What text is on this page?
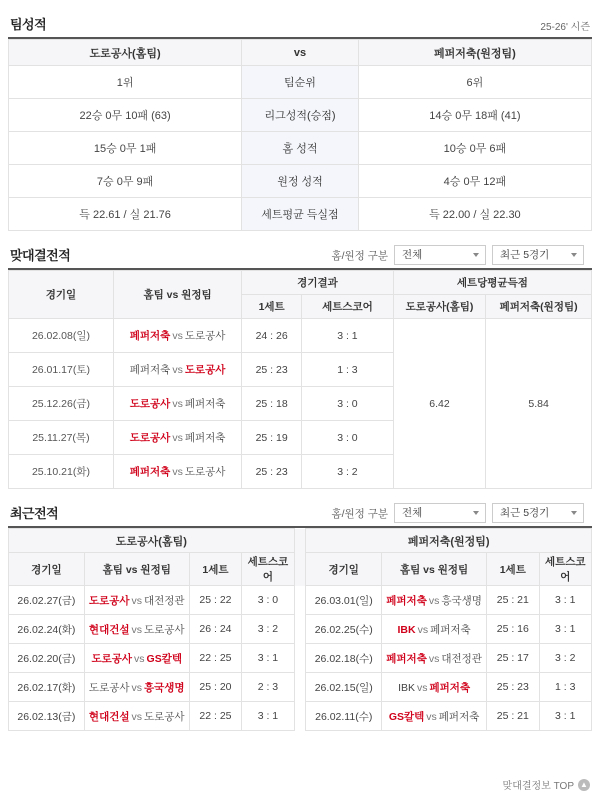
팀성적	25-26' 시즌
도로공사(홈팀)	vs	페퍼저축(원정팀)
1위	팀순위	6위
22승 0무 10패 (63)	리그성적(승점)	14승 0무 18패 (41)
15승 0무 1패	홈 성적	10승 0무 6패
7승 0무 9패	원정 성적	4승 0무 12패
득 22.61 / 실 21.76	세트평균 득실점	득 22.00 / 실 22.30
맞대결전적	홈/원정 구분	전체	최근 5경기
경기일	홈팀 vs 원정팀	경기결과		세트당평균득점	
		1세트	세트스코어	도로공사(홈팀)	페퍼저축(원정팀)
26.02.08(일)	페퍼저축 vs 도로공사	24 : 26	3 : 1	6.42	5.84
26.01.17(토)	페퍼저축 vs 도로공사	25 : 23	1 : 3		
25.12.26(금)	도로공사 vs 페퍼저축	25 : 18	3 : 0		
25.11.27(목)	도로공사 vs 페퍼저축	25 : 19	3 : 0		
25.10.21(화)	페퍼저축 vs 도로공사	25 : 23	3 : 2		
최근전적	홈/원정 구분	전체	최근 5경기
도로공사(홈팀)					페퍼저축(원정팀)			
경기일	홈팀 vs 원정팀	1세트	세트스코어		경기일	홈팀 vs 원정팀	1세트	세트스코어
26.02.27(금)	도로공사 vs 대전정관	25 : 22	3 : 0		26.03.01(일)	페퍼저축 vs 흥국생명	25 : 21	3 : 1
26.02.24(화)	현대건설 vs 도로공사	26 : 24	3 : 2		26.02.25(수)	IBK vs 페퍼저축	25 : 16	3 : 1
26.02.20(금)	도로공사 vs GS칼텍	22 : 25	3 : 1		26.02.18(수)	페퍼저축 vs 대전정관	25 : 17	3 : 2
26.02.17(화)	도로공사 vs 흥국생명	25 : 20	2 : 3		26.02.15(일)	IBK vs 페퍼저축	25 : 23	1 : 3
26.02.13(금)	현대건설 vs 도로공사	22 : 25	3 : 1		26.02.11(수)	GS칼텍 vs 페퍼저축	25 : 21	3 : 1
맞대결정보 TOP ▲
